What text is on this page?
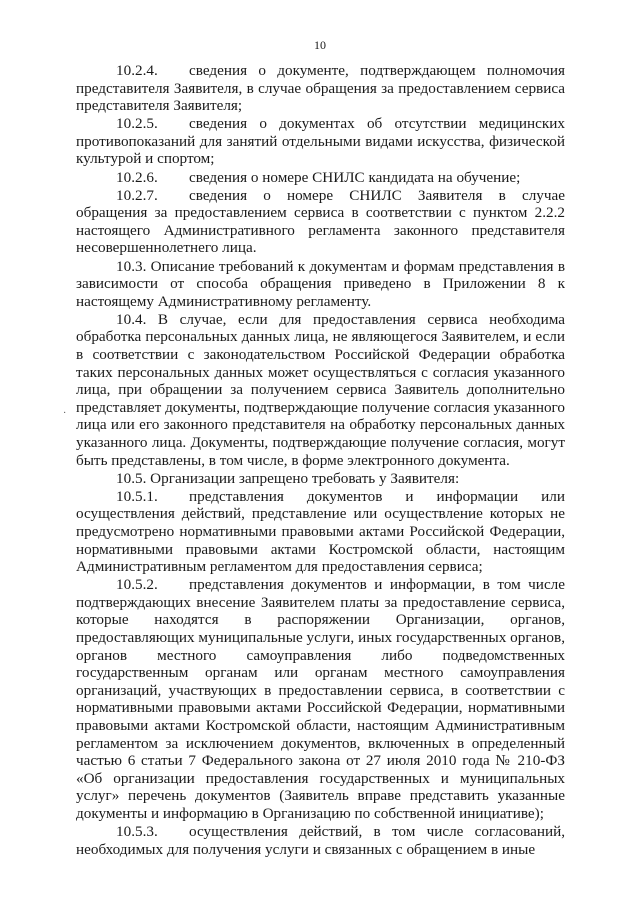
10
·

10.2.4. сведения о документе, подтверждающем полномочия представителя Заявителя, в случае обращения за предоставлением сервиса представителя Заявителя;

10.2.5. сведения о документах об отсутствии медицинских противопоказаний для занятий отдельными видами искусства, физической культурой и спортом;

10.2.6. сведения о номере СНИЛС кандидата на обучение;

10.2.7. сведения о номере СНИЛС Заявителя в случае обращения за предоставлением сервиса в соответствии с пунктом 2.2.2 настоящего Административного регламента законного представителя несовершеннолетнего лица.

10.3. Описание требований к документам и формам представления в зависимости от способа обращения приведено в Приложении 8 к настоящему Административному регламенту.

10.4. В случае, если для предоставления сервиса необходима обработка персональных данных лица, не являющегося Заявителем, и если в соответствии с законодательством Российской Федерации обработка таких персональных данных может осуществляться с согласия указанного лица, при обращении за получением сервиса Заявитель дополнительно представляет документы, подтверждающие получение согласия указанного лица или его законного представителя на обработку персональных данных указанного лица. Документы, подтверждающие получение согласия, могут быть представлены, в том числе, в форме электронного документа.

10.5. Организации запрещено требовать у Заявителя:

10.5.1. представления документов и информации или осуществления действий, представление или осуществление которых не предусмотрено нормативными правовыми актами Российской Федерации, нормативными правовыми актами Костромской области, настоящим Административным регламентом для предоставления сервиса;

10.5.2. представления документов и информации, в том числе подтверждающих внесение Заявителем платы за предоставление сервиса, которые находятся в распоряжении Организации, органов, предоставляющих муниципальные услуги, иных государственных органов, органов местного самоуправления либо подведомственных государственным органам или органам местного самоуправления организаций, участвующих в предоставлении сервиса, в соответствии с нормативными правовыми актами Российской Федерации, нормативными правовыми актами Костромской области, настоящим Административным регламентом за исключением документов, включенных в определенный частью 6 статьи 7 Федерального закона от 27 июля 2010 года № 210-ФЗ «Об организации предоставления государственных и муниципальных услуг» перечень документов (Заявитель вправе представить указанные документы и информацию в Организацию по собственной инициативе);

10.5.3. осуществления действий, в том числе согласований, необходимых для получения услуги и связанных с обращением в иные
